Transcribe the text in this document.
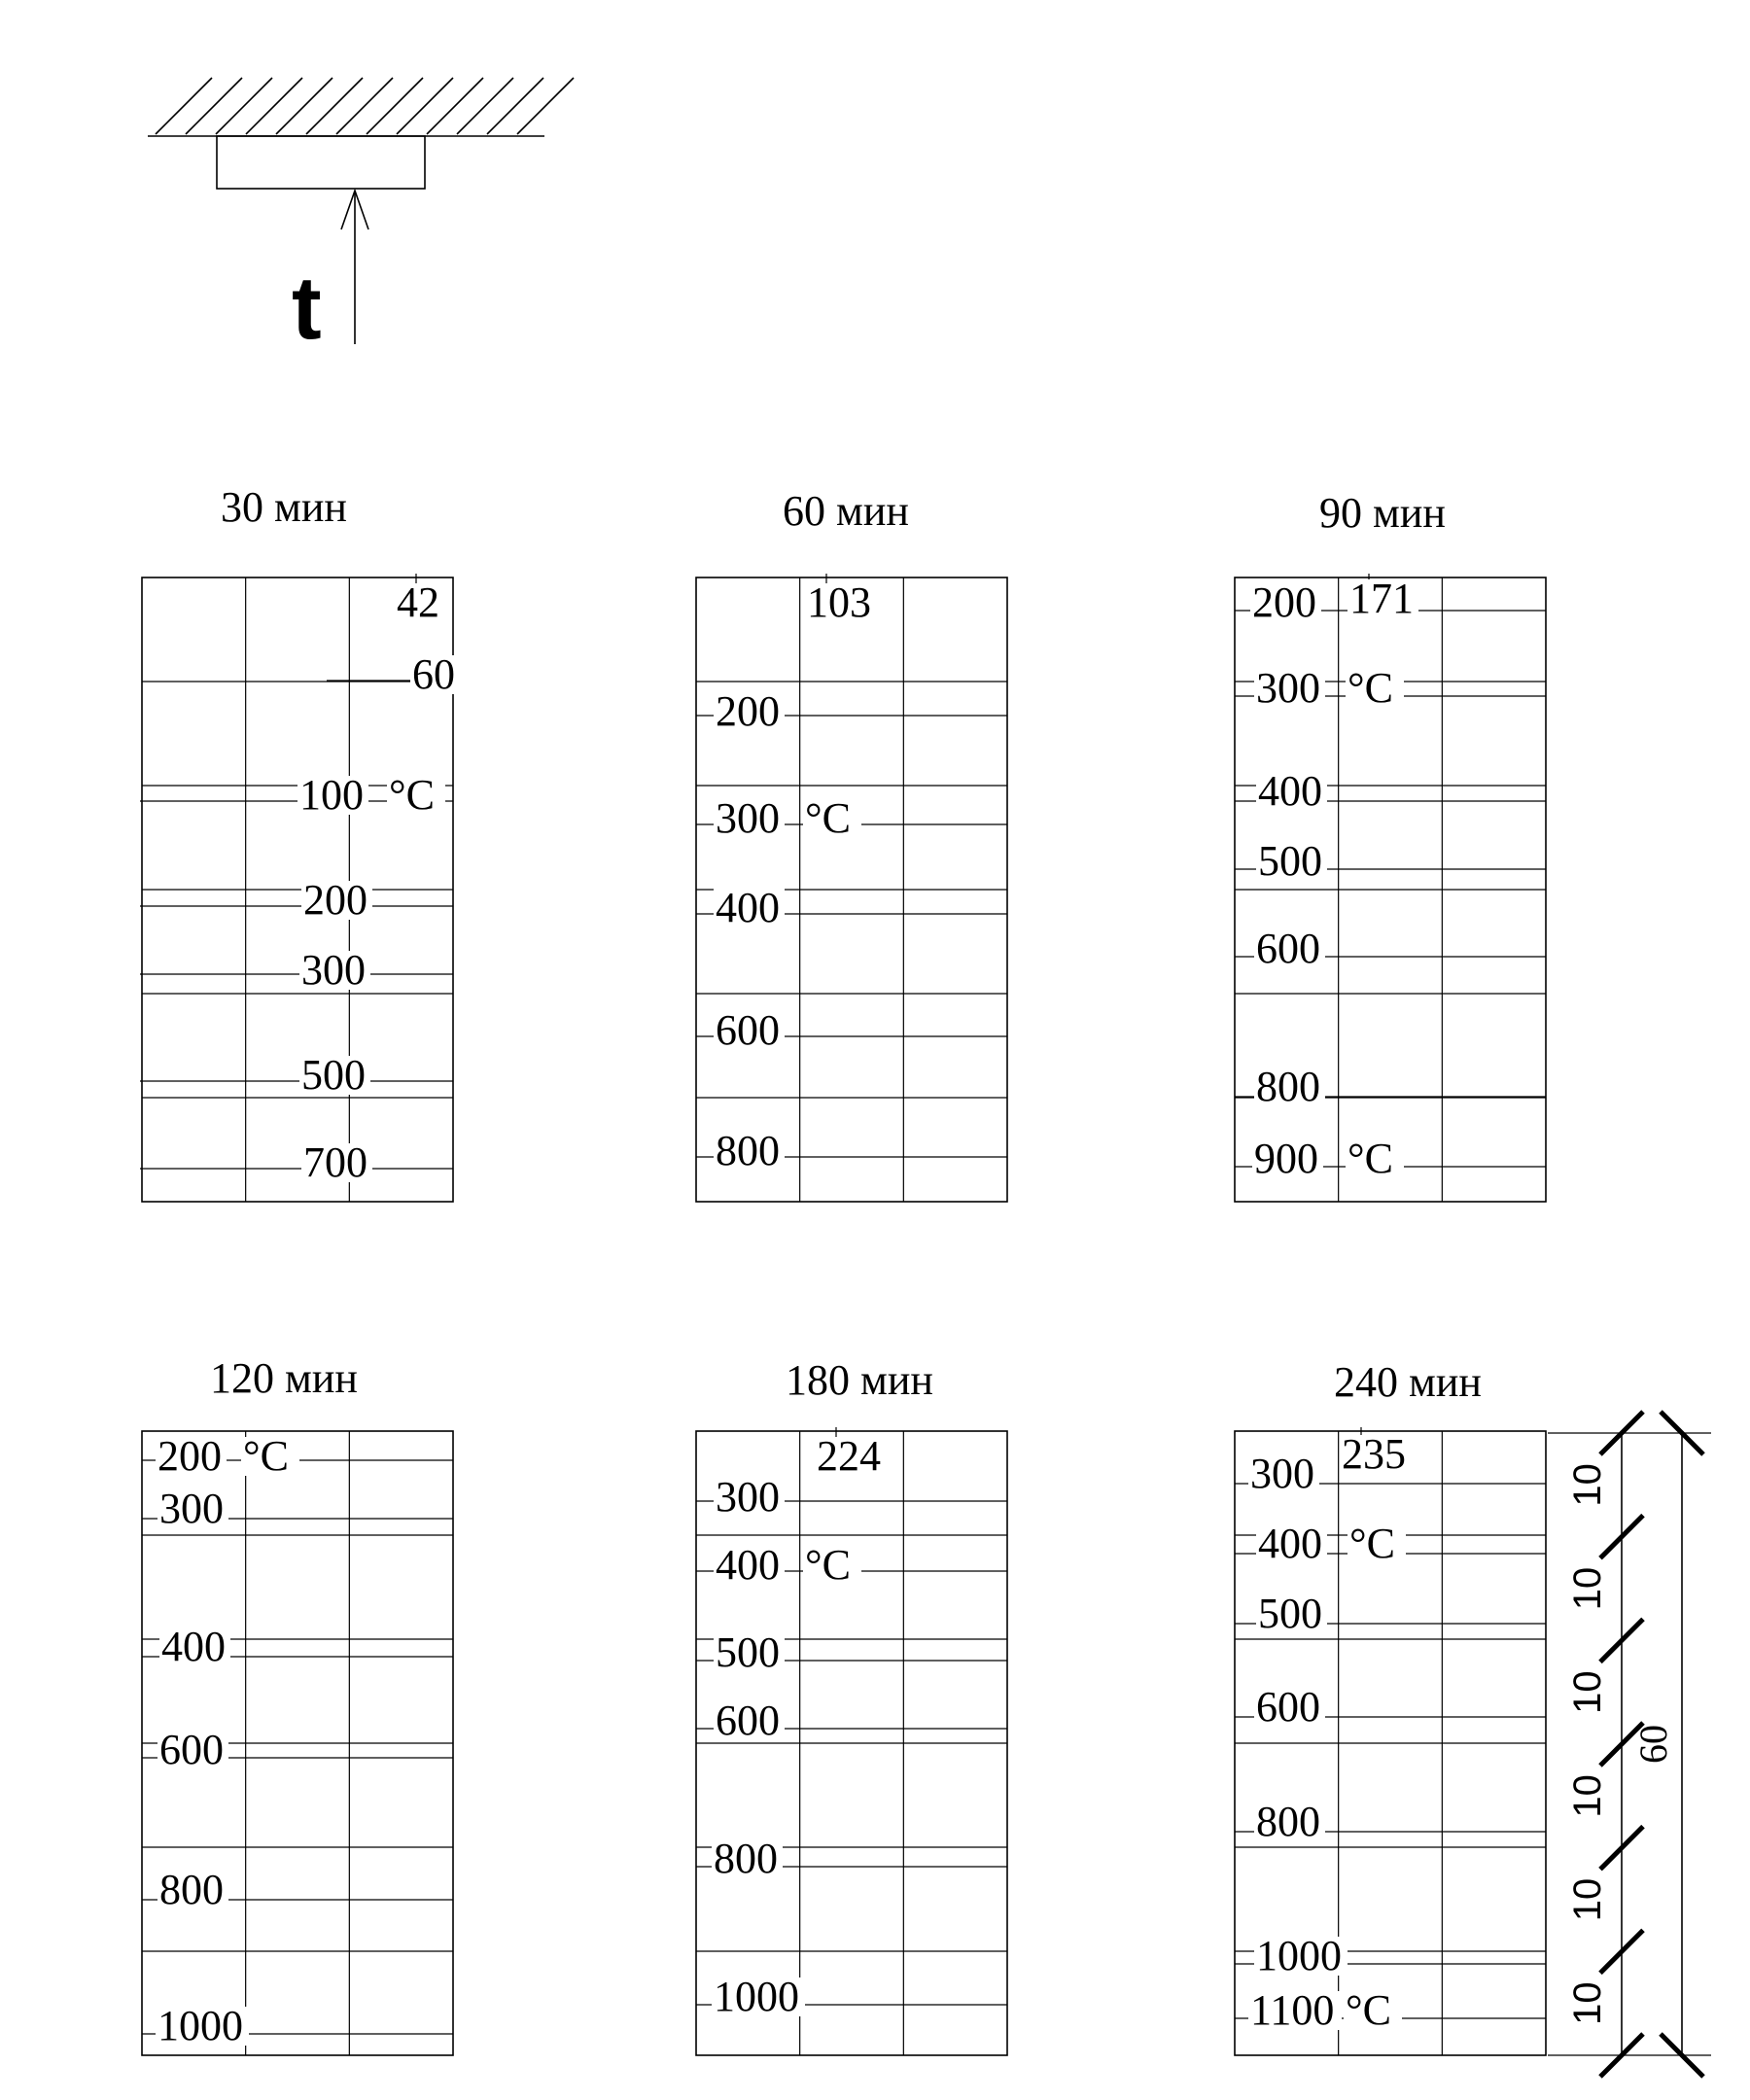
t
30 мин
42
60
100 °C
200
300
500
700
60 мин
103
200
300 °C
400
600
800
90 мин
200 171
300 °C
400
500
600
800
900 °C
120 мин
200 °C
300
400
600
800
1000
180 мин
224
300
400 °C
500
600
800
1000
240 мин
300 235
400 °C
500
600
800
1000
1100 °C
10
10
10
10
10
10
60
